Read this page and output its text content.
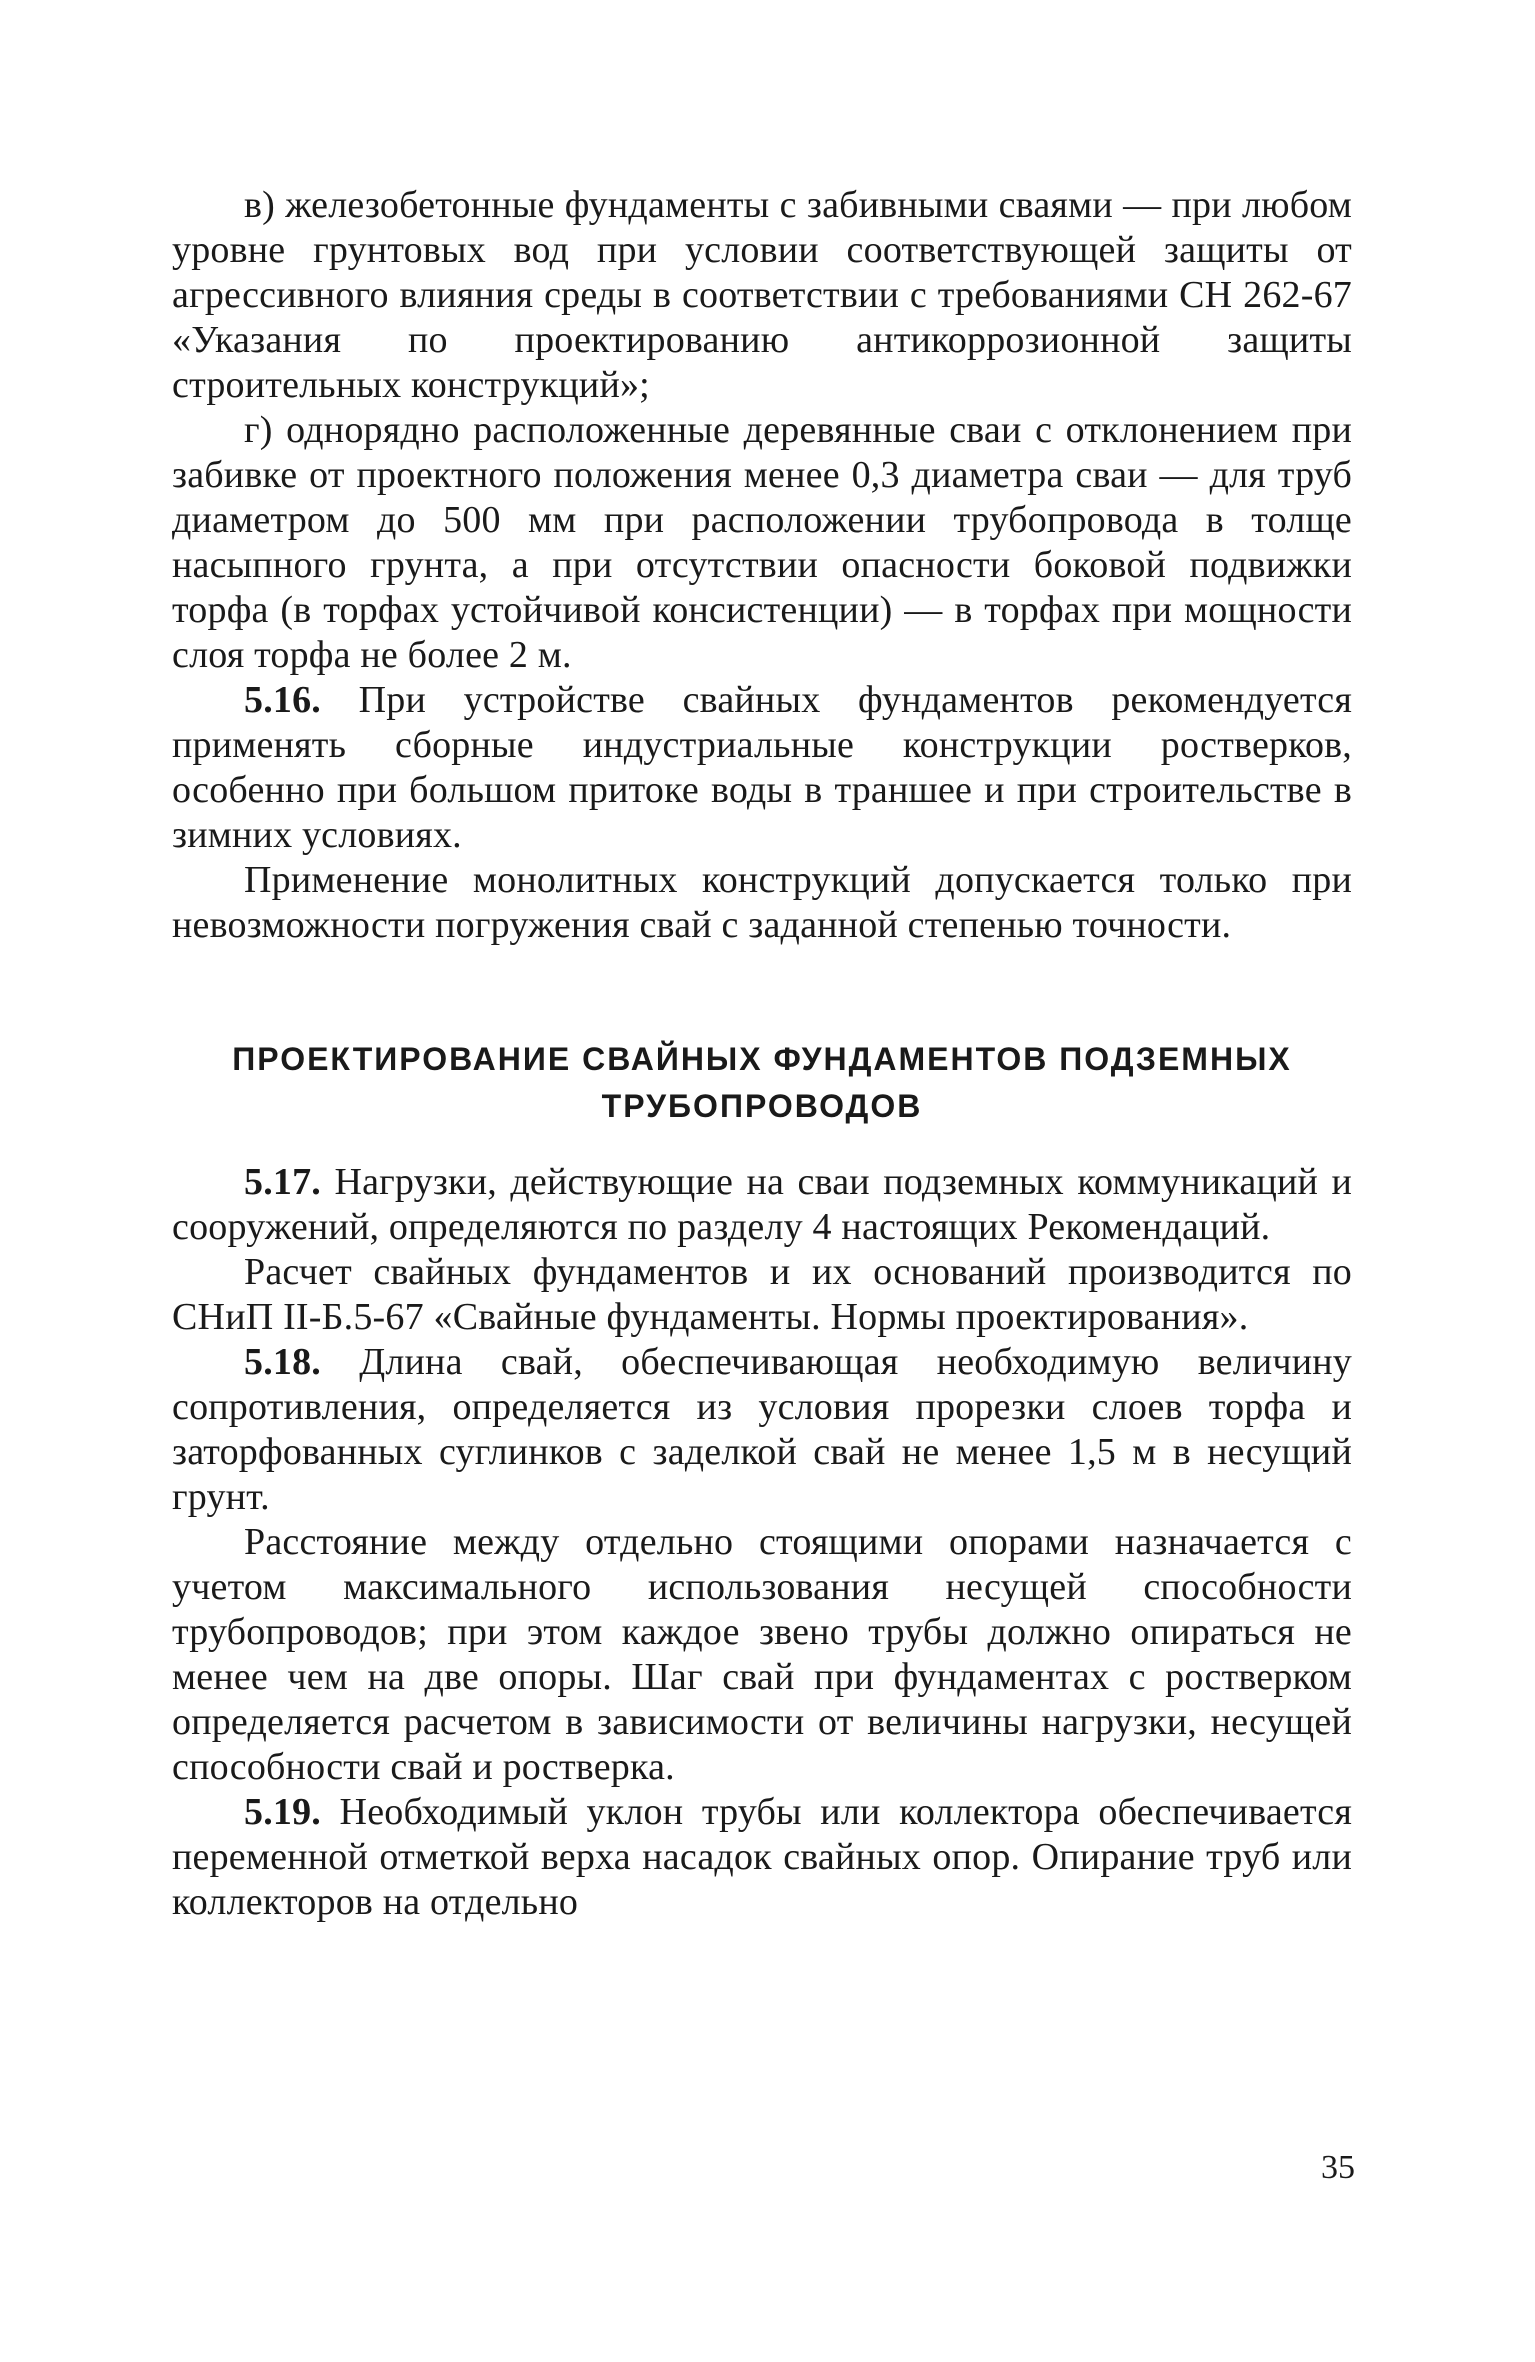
в) железобетонные фундаменты с забивными сваями — при любом уровне грунтовых вод при условии соответствующей защиты от агрессивного влияния среды в соответствии с требованиями СН 262-67 «Указания по проектированию антикоррозионной защиты строительных конструкций»;

г) однорядно расположенные деревянные сваи с отклонением при забивке от проектного положения менее 0,3 диаметра сваи — для труб диаметром до 500 мм при расположении трубопровода в толще насыпного грунта, а при отсутствии опасности боковой подвижки торфа (в торфах устойчивой консистенции) — в торфах при мощности слоя торфа не более 2 м.

5.16. При устройстве свайных фундаментов рекомендуется применять сборные индустриальные конструкции ростверков, особенно при большом притоке воды в траншее и при строительстве в зимних условиях.

Применение монолитных конструкций допускается только при невозможности погружения свай с заданной степенью точности.

ПРОЕКТИРОВАНИЕ СВАЙНЫХ ФУНДАМЕНТОВ ПОДЗЕМНЫХ
ТРУБОПРОВОДОВ

5.17. Нагрузки, действующие на сваи подземных коммуникаций и сооружений, определяются по разделу 4 настоящих Рекомендаций.

Расчет свайных фундаментов и их оснований производится по СНиП II-Б.5-67 «Свайные фундаменты. Нормы проектирования».

5.18. Длина свай, обеспечивающая необходимую величину сопротивления, определяется из условия прорезки слоев торфа и заторфованных суглинков с заделкой свай не менее 1,5 м в несущий грунт.

Расстояние между отдельно стоящими опорами назначается с учетом максимального использования несущей способности трубопроводов; при этом каждое звено трубы должно опираться не менее чем на две опоры. Шаг свай при фундаментах с ростверком определяется расчетом в зависимости от величины нагрузки, несущей способности свай и ростверка.

5.19. Необходимый уклон трубы или коллектора обеспечивается переменной отметкой верха насадок свайных опор. Опирание труб или коллекторов на отдельно

35
